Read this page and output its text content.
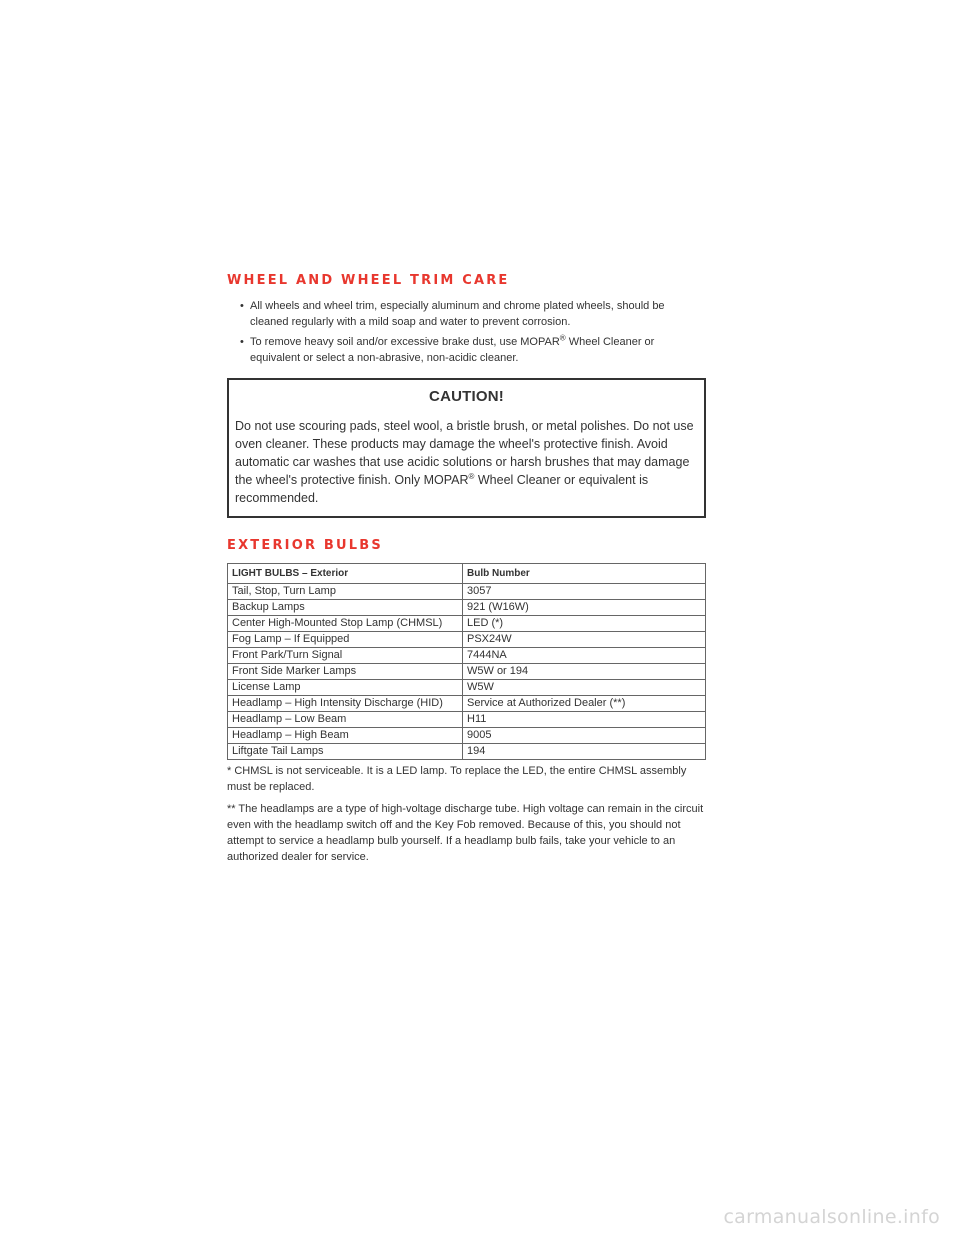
WHEEL AND WHEEL TRIM CARE
• All wheels and wheel trim, especially aluminum and chrome plated wheels, should be cleaned regularly with a mild soap and water to prevent corrosion.
• To remove heavy soil and/or excessive brake dust, use MOPAR® Wheel Cleaner or equivalent or select a non-abrasive, non-acidic cleaner.
CAUTION!
Do not use scouring pads, steel wool, a bristle brush, or metal polishes. Do not use oven cleaner. These products may damage the wheel's protective finish. Avoid automatic car washes that use acidic solutions or harsh brushes that may damage the wheel's protective finish. Only MOPAR® Wheel Cleaner or equivalent is recommended.
EXTERIOR BULBS
LIGHT BULBS – Exterior	Bulb Number
Tail, Stop, Turn Lamp	3057
Backup Lamps	921 (W16W)
Center High-Mounted Stop Lamp (CHMSL)	LED (*)
Fog Lamp – If Equipped	PSX24W
Front Park/Turn Signal	7444NA
Front Side Marker Lamps	W5W or 194
License Lamp	W5W
Headlamp – High Intensity Discharge (HID)	Service at Authorized Dealer (**)
Headlamp – Low Beam	H11
Headlamp – High Beam	9005
Liftgate Tail Lamps	194

* CHMSL is not serviceable. It is a LED lamp. To replace the LED, the entire CHMSL assembly must be replaced.

** The headlamps are a type of high-voltage discharge tube. High voltage can remain in the circuit even with the headlamp switch off and the Key Fob removed. Because of this, you should not attempt to service a headlamp bulb yourself. If a headlamp bulb fails, take your vehicle to an authorized dealer for service.

carmanualsonline.info
